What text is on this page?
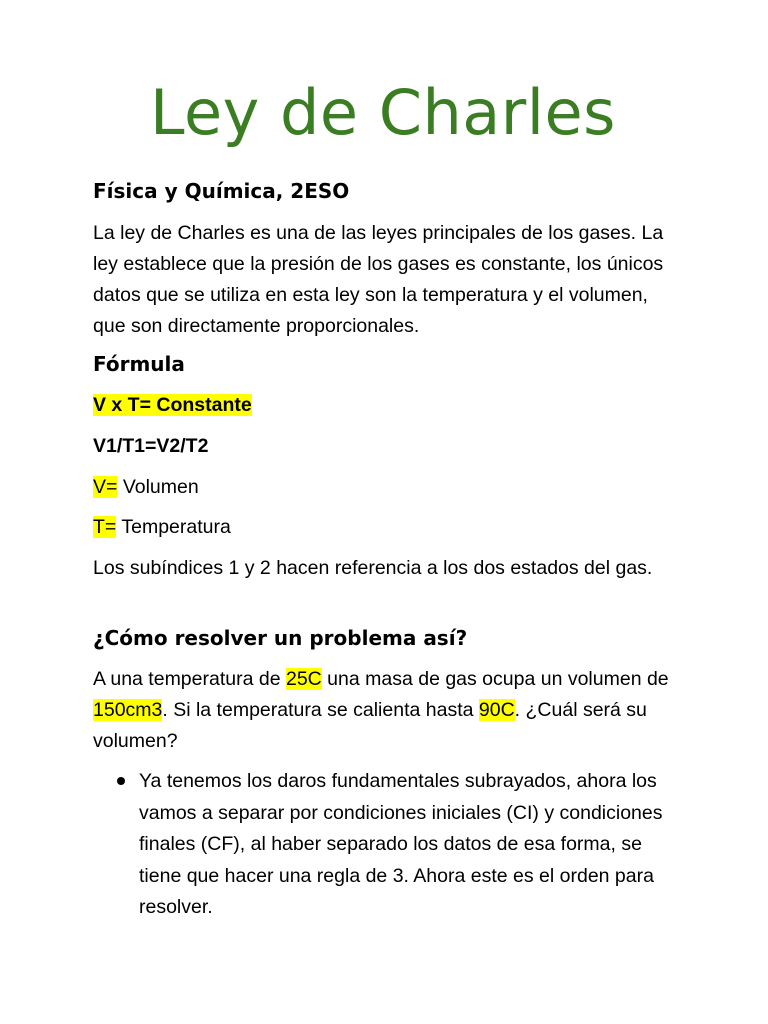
Ley de Charles
Física y Química, 2ESO

La ley de Charles es una de las leyes principales de los gases. La ley establece que la presión de los gases es constante, los únicos datos que se utiliza en esta ley son la temperatura y el volumen, que son directamente proporcionales.

Fórmula

V x T= Constante

V1/T1=V2/T2

V= Volumen

T= Temperatura

Los subíndices 1 y 2 hacen referencia a los dos estados del gas.

¿Cómo resolver un problema así?

A una temperatura de 25C una masa de gas ocupa un volumen de 150cm3. Si la temperatura se calienta hasta 90C. ¿Cuál será su volumen?

Ya tenemos los daros fundamentales subrayados, ahora los vamos a separar por condiciones iniciales (CI) y condiciones finales (CF), al haber separado los datos de esa forma, se tiene que hacer una regla de 3. Ahora este es el orden para resolver.
